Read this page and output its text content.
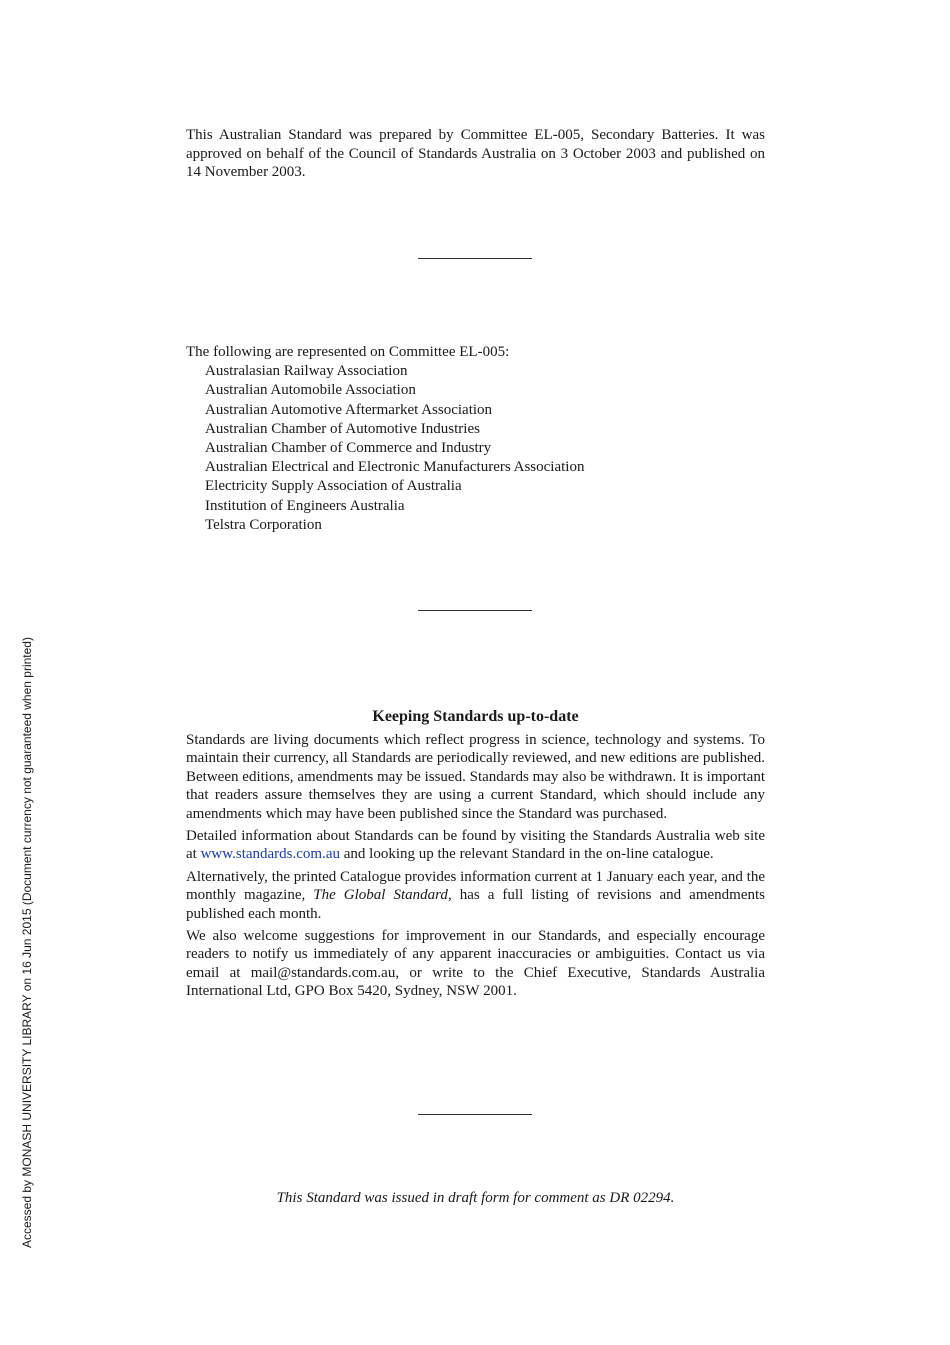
This Australian Standard was prepared by Committee EL-005, Secondary Batteries. It was approved on behalf of the Council of Standards Australia on 3 October 2003 and published on 14 November 2003.

The following are represented on Committee EL-005:
Australasian Railway Association
Australian Automobile Association
Australian Automotive Aftermarket Association
Australian Chamber of Automotive Industries
Australian Chamber of Commerce and Industry
Australian Electrical and Electronic Manufacturers Association
Electricity Supply Association of Australia
Institution of Engineers Australia
Telstra Corporation
Keeping Standards up-to-date

Standards are living documents which reflect progress in science, technology and systems. To maintain their currency, all Standards are periodically reviewed, and new editions are published. Between editions, amendments may be issued. Standards may also be withdrawn. It is important that readers assure themselves they are using a current Standard, which should include any amendments which may have been published since the Standard was purchased.

Detailed information about Standards can be found by visiting the Standards Australia web site at www.standards.com.au and looking up the relevant Standard in the on-line catalogue.

Alternatively, the printed Catalogue provides information current at 1 January each year, and the monthly magazine, The Global Standard, has a full listing of revisions and amendments published each month.

We also welcome suggestions for improvement in our Standards, and especially encourage readers to notify us immediately of any apparent inaccuracies or ambiguities. Contact us via email at mail@standards.com.au, or write to the Chief Executive, Standards Australia International Ltd, GPO Box 5420, Sydney, NSW 2001.

This Standard was issued in draft form for comment as DR 02294.
Accessed by MONASH UNIVERSITY LIBRARY on 16 Jun 2015 (Document currency not guaranteed when printed)
